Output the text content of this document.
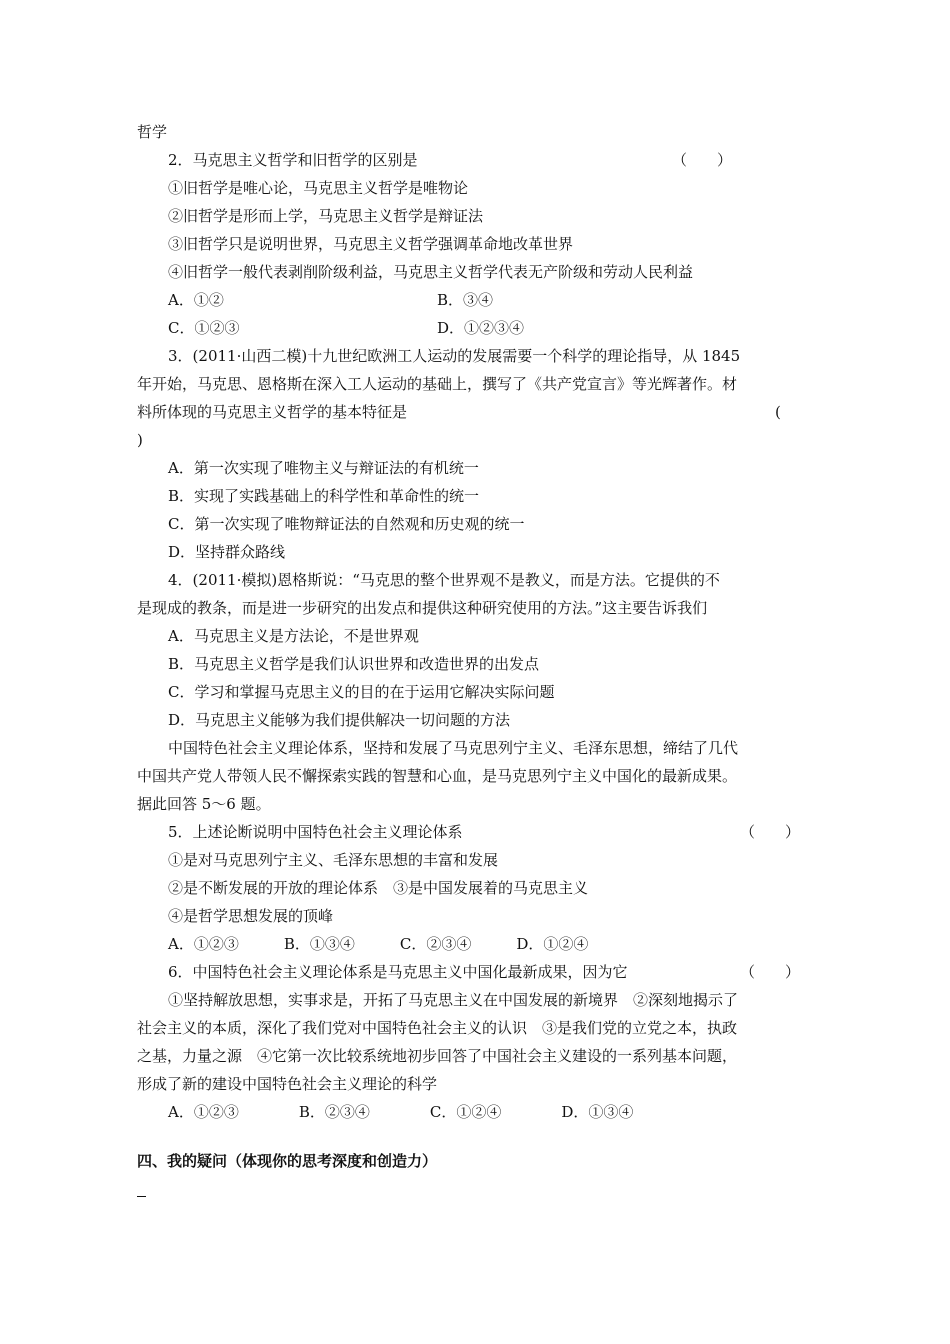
哲学
2．马克思主义哲学和旧哲学的区别是	（　　）
①旧哲学是唯心论，马克思主义哲学是唯物论
②旧哲学是形而上学，马克思主义哲学是辩证法
③旧哲学只是说明世界，马克思主义哲学强调革命地改革世界
④旧哲学一般代表剥削阶级利益，马克思主义哲学代表无产阶级和劳动人民利益
A．①②	B．③④
C．①②③	D．①②③④
3．(2011·山西二模)十九世纪欧洲工人运动的发展需要一个科学的理论指导，从 1845
年开始，马克思、恩格斯在深入工人运动的基础上，撰写了《共产党宣言》等光辉著作。材
料所体现的马克思主义哲学的基本特征是	(
)
A．第一次实现了唯物主义与辩证法的有机统一
B．实现了实践基础上的科学性和革命性的统一
C．第一次实现了唯物辩证法的自然观和历史观的统一
D．坚持群众路线
4．(2011·模拟)恩格斯说：“马克思的整个世界观不是教义，而是方法。它提供的不
是现成的教条，而是进一步研究的出发点和提供这种研究使用的方法。”这主要告诉我们
A．马克思主义是方法论，不是世界观
B．马克思主义哲学是我们认识世界和改造世界的出发点
C．学习和掌握马克思主义的目的在于运用它解决实际问题
D．马克思主义能够为我们提供解决一切问题的方法
中国特色社会主义理论体系，坚持和发展了马克思列宁主义、毛泽东思想，缔结了几代
中国共产党人带领人民不懈探索实践的智慧和心血，是马克思列宁主义中国化的最新成果。
据此回答 5～6 题。
5．上述论断说明中国特色社会主义理论体系	（　　）
①是对马克思列宁主义、毛泽东思想的丰富和发展
②是不断发展的开放的理论体系　③是中国发展着的马克思主义
④是哲学思想发展的顶峰
A．①②③　　　B．①③④　　　C．②③④　　　D．①②④
6．中国特色社会主义理论体系是马克思主义中国化最新成果，因为它	（　　）
①坚持解放思想，实事求是，开拓了马克思主义在中国发展的新境界　②深刻地揭示了
社会主义的本质，深化了我们党对中国特色社会主义的认识　③是我们党的立党之本，执政
之基，力量之源　④它第一次比较系统地初步回答了中国社会主义建设的一系列基本问题，
形成了新的建设中国特色社会主义理论的科学
A．①②③　　　　B．②③④　　　　C．①②④　　　　D．①③④
四、我的疑问（体现你的思考深度和创造力）
